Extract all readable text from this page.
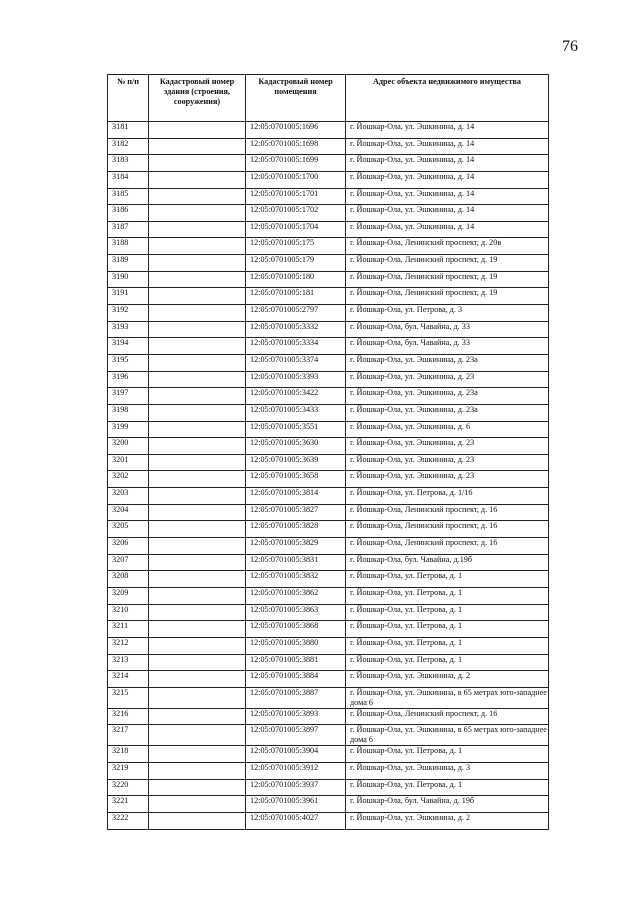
76
№ п/п	Кадастровый номер здания (строения, сооружения)	Кадастровый номер помещения	Адрес объекта недвижимого имущества
3181		12:05:0701005:1696	г. Йошкар-Ола, ул. Эшкинина, д. 14
3182		12:05:0701005:1698	г. Йошкар-Ола, ул. Эшкинина, д. 14
3183		12:05:0701005:1699	г. Йошкар-Ола, ул. Эшкинина, д. 14
3184		12:05:0701005:1700	г. Йошкар-Ола, ул. Эшкинина, д. 14
3185		12:05:0701005:1701	г. Йошкар-Ола, ул. Эшкинина, д. 14
3186		12:05:0701005:1702	г. Йошкар-Ола, ул. Эшкинина, д. 14
3187		12:05:0701005:1704	г. Йошкар-Ола, ул. Эшкинина, д. 14
3188		12:05:0701005:175	г. Йошкар-Ола, Ленинский проспект, д. 20в
3189		12:05:0701005:179	г. Йошкар-Ола, Ленинский проспект, д. 19
3190		12:05:0701005:180	г. Йошкар-Ола, Ленинский проспект, д. 19
3191		12:05:0701005:181	г. Йошкар-Ола, Ленинский проспект, д. 19
3192		12:05:0701005:2797	г. Йошкар-Ола, ул. Петрова, д. 3
3193		12:05:0701005:3332	г. Йошкар-Ола, бул. Чавайна, д. 33
3194		12:05:0701005:3334	г. Йошкар-Ола, бул. Чавайна, д. 33
3195		12:05:0701005:3374	г. Йошкар-Ола, ул. Эшкинина, д. 23а
3196		12:05:0701005:3393	г. Йошкар-Ола, ул. Эшкинина, д. 23
3197		12:05:0701005:3422	г. Йошкар-Ола, ул. Эшкинина, д. 23а
3198		12:05:0701005:3433	г. Йошкар-Ола, ул. Эшкинина, д. 23а
3199		12:05:0701005:3551	г. Йошкар-Ола, ул. Эшкинина, д. 6
3200		12:05:0701005:3630	г. Йошкар-Ола, ул. Эшкинина, д. 23
3201		12:05:0701005:3639	г. Йошкар-Ола, ул. Эшкинина, д. 23
3202		12:05:0701005:3658	г. Йошкар-Ола, ул. Эшкинина, д. 23
3203		12:05:0701005:3814	г. Йошкар-Ола, ул. Петрова, д. 1/16
3204		12:05:0701005:3827	г. Йошкар-Ола, Ленинский проспект, д. 16
3205		12:05:0701005:3828	г. Йошкар-Ола, Ленинский проспект, д. 16
3206		12:05:0701005:3829	г. Йошкар-Ола, Ленинский проспект, д. 16
3207		12:05:0701005:3831	г. Йошкар-Ола, бул. Чавайна, д.19б
3208		12:05:0701005:3832	г. Йошкар-Ола, ул. Петрова, д. 1
3209		12:05:0701005:3862	г. Йошкар-Ола, ул. Петрова, д. 1
3210		12:05:0701005:3863	г. Йошкар-Ола, ул. Петрова, д. 1
3211		12:05:0701005:3868	г. Йошкар-Ола, ул. Петрова, д. 1
3212		12:05:0701005:3880	г. Йошкар-Ола, ул. Петрова, д. 1
3213		12:05:0701005:3881	г. Йошкар-Ола, ул. Петрова, д. 1
3214		12:05:0701005:3884	г. Йошкар-Ола, ул. Эшкинина, д. 2
3215		12:05:0701005:3887	г. Йошкар-Ола, ул. Эшкинина, в 65 метрах юго-западнее дома 6
3216		12:05:0701005:3893	г. Йошкар-Ола, Ленинский проспект, д. 16
3217		12:05:0701005:3897	г. Йошкар-Ола, ул. Эшкинина, в 65 метрах юго-западнее дома 6
3218		12:05:0701005:3904	г. Йошкар-Ола, ул. Петрова, д. 1
3219		12:05:0701005:3912	г. Йошкар-Ола, ул. Эшкинина, д. 3
3220		12:05:0701005:3937	г. Йошкар-Ола, ул. Петрова, д. 1
3221		12:05:0701005:3961	г. Йошкар-Ола, бул. Чавайна, д. 19б
3222		12:05:0701005:4027	г. Йошкар-Ола, ул. Эшкинина, д. 2
